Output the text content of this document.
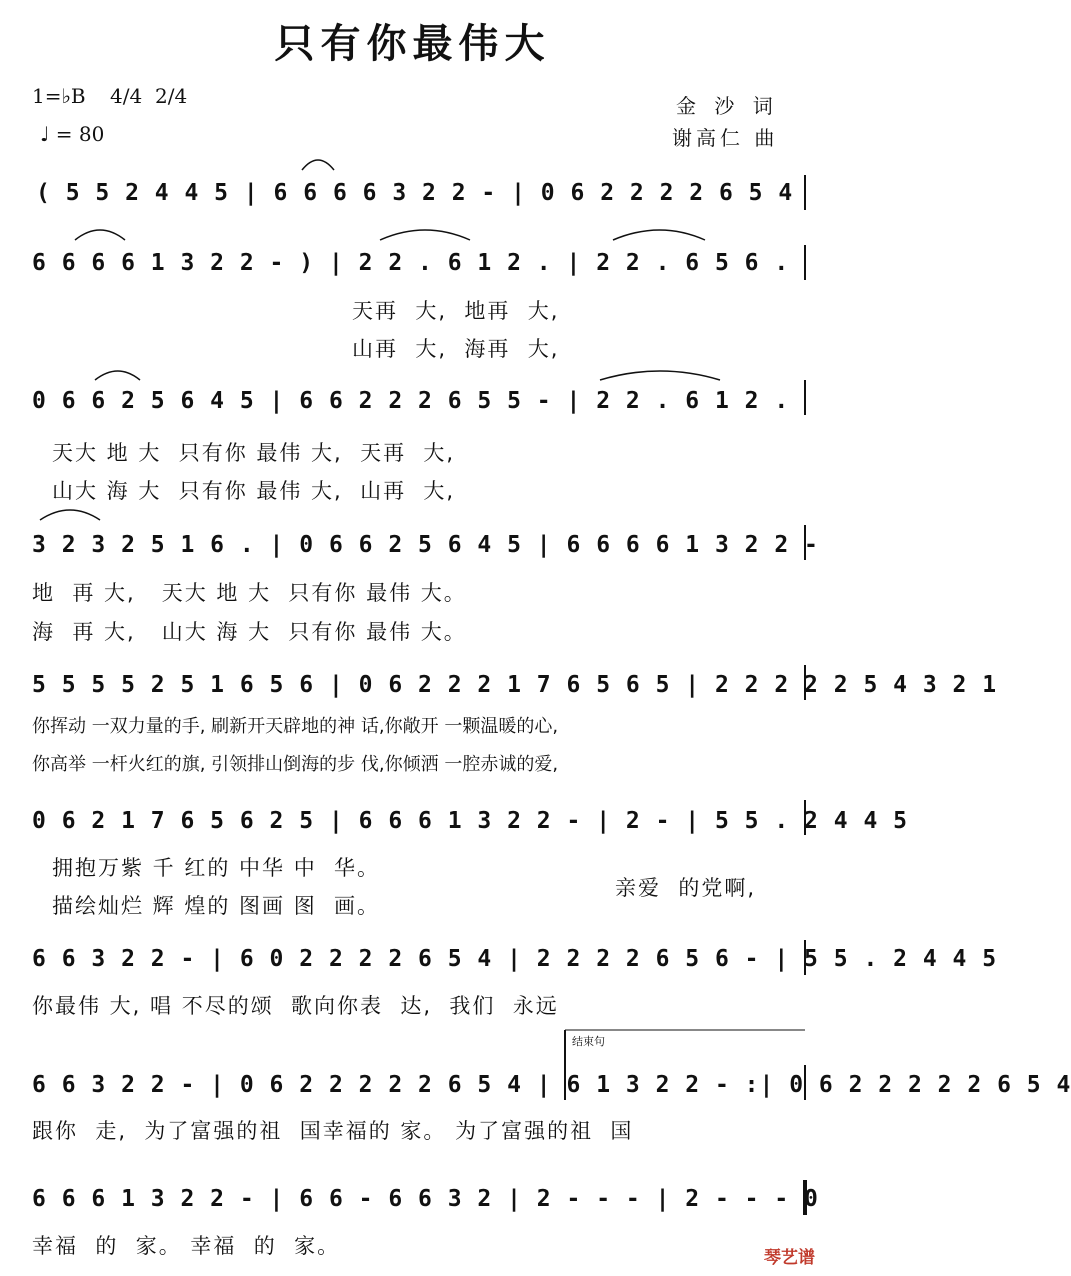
只有你最伟大
1=♭B 4/4 2/4
♩ = 80
金 沙 词
谢高仁 曲
( 5 5 2 4 4 5 | 6 6 6 6 3 2 2 - | 0 6 2 2 2 2 6 5 4
6 6 6 6 1 3 2 2 - ) | 2 2 . 6 1 2 . | 2 2 . 6 5 6 .
天再  大,  地再  大,
山再  大,  海再  大,
0 6 6 2 5 6 4 5 | 6 6 2 2 2 6 5 5 - | 2 2 . 6 1 2 .
天大 地 大  只有你 最伟 大,  天再  大,
山大 海 大  只有你 最伟 大,  山再  大,
3 2 3 2 5 1 6 . | 0 6 6 2 5 6 4 5 | 6 6 6 6 1 3 2 2 -
地  再 大,   天大 地 大  只有你 最伟 大。
海  再 大,   山大 海 大  只有你 最伟 大。
5 5 5 5 2 5 1 6 5 6 | 0 6 2 2 2 1 7 6 5 6 5 | 2 2 2 2 2 5 4 3 2 1
你挥动 一双力量的手, 刷新开天辟地的神 话,你敞开 一颗温暖的心,
你高举 一杆火红的旗, 引领排山倒海的步 伐,你倾洒 一腔赤诚的爱,
0 6 2 1 7 6 5 6 2 5 | 6 6 6 1 3 2 2 - | 2 - | 5 5 . 2 4 4 5
拥抱万紫 千 红的 中华 中  华。
描绘灿烂 辉 煌的 图画 图  画。
亲爱  的党啊,
6 6 3 2 2 - | 6 0 2 2 2 2 6 5 4 | 2 2 2 2 6 5 6 - | 5 5 . 2 4 4 5
你最伟 大, 唱 不尽的颂  歌向你表  达,  我们  永远
结束句
6 6 3 2 2 - | 0 6 2 2 2 2 2 6 5 4 | 6 1 3 2 2 - :| 0 6 2 2 2 2 2 6 5 4
跟你  走,  为了富强的祖  国幸福的 家。 为了富强的祖  国
6 6 6 1 3 2 2 - | 6 6 - 6 6 3 2 | 2 - - - | 2 - - - 0
幸福  的  家。 幸福  的  家。	琴艺谱
